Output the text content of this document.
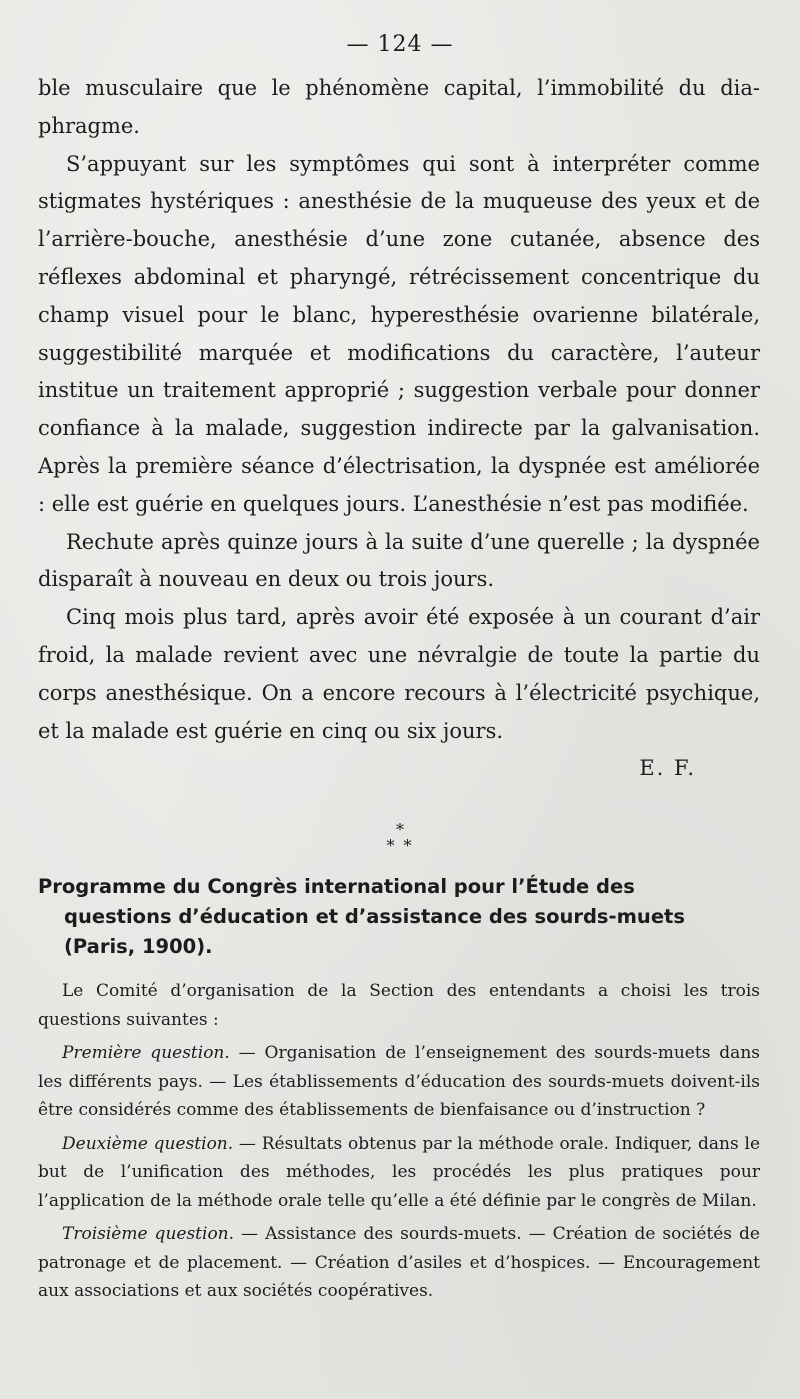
— 124 —

ble musculaire que le phénomène capital, l’immobilité du diaphragme.

S’appuyant sur les symptômes qui sont à interpréter comme stigmates hystériques : anesthésie de la muqueuse des yeux et de l’arrière-bouche, anesthésie d’une zone cutanée, absence des réflexes abdominal et pharyngé, rétrécissement concentrique du champ visuel pour le blanc, hyperesthésie ovarienne bilatérale, suggestibilité marquée et modifications du caractère, l’auteur institue un traitement approprié ; suggestion verbale pour donner confiance à la malade, suggestion indirecte par la galvanisation. Après la première séance d’électrisation, la dyspnée est améliorée : elle est guérie en quelques jours. L’anesthésie n’est pas modifiée.

Rechute après quinze jours à la suite d’une querelle ; la dyspnée disparaît à nouveau en deux ou trois jours.

Cinq mois plus tard, après avoir été exposée à un courant d’air froid, la malade revient avec une névralgie de toute la partie du corps anesthésique. On a encore recours à l’électricité psychique, et la malade est guérie en cinq ou six jours.

E. F.
*
* *
Programme du Congrès international pour l’Étude des
questions d’éducation et d’assistance des sourds-muets
(Paris, 1900).

Le Comité d’organisation de la Section des entendants a choisi les trois questions suivantes :

Première question. — Organisation de l’enseignement des sourds-muets dans les différents pays. — Les établissements d’éducation des sourds-muets doivent-ils être considérés comme des établissements de bienfaisance ou d’instruction ?

Deuxième question. — Résultats obtenus par la méthode orale. Indiquer, dans le but de l’unification des méthodes, les procédés les plus pratiques pour l’application de la méthode orale telle qu’elle a été définie par le congrès de Milan.

Troisième question. — Assistance des sourds-muets. — Création de sociétés de patronage et de placement. — Création d’asiles et d’hospices. — Encouragement aux associations et aux sociétés coopératives.
